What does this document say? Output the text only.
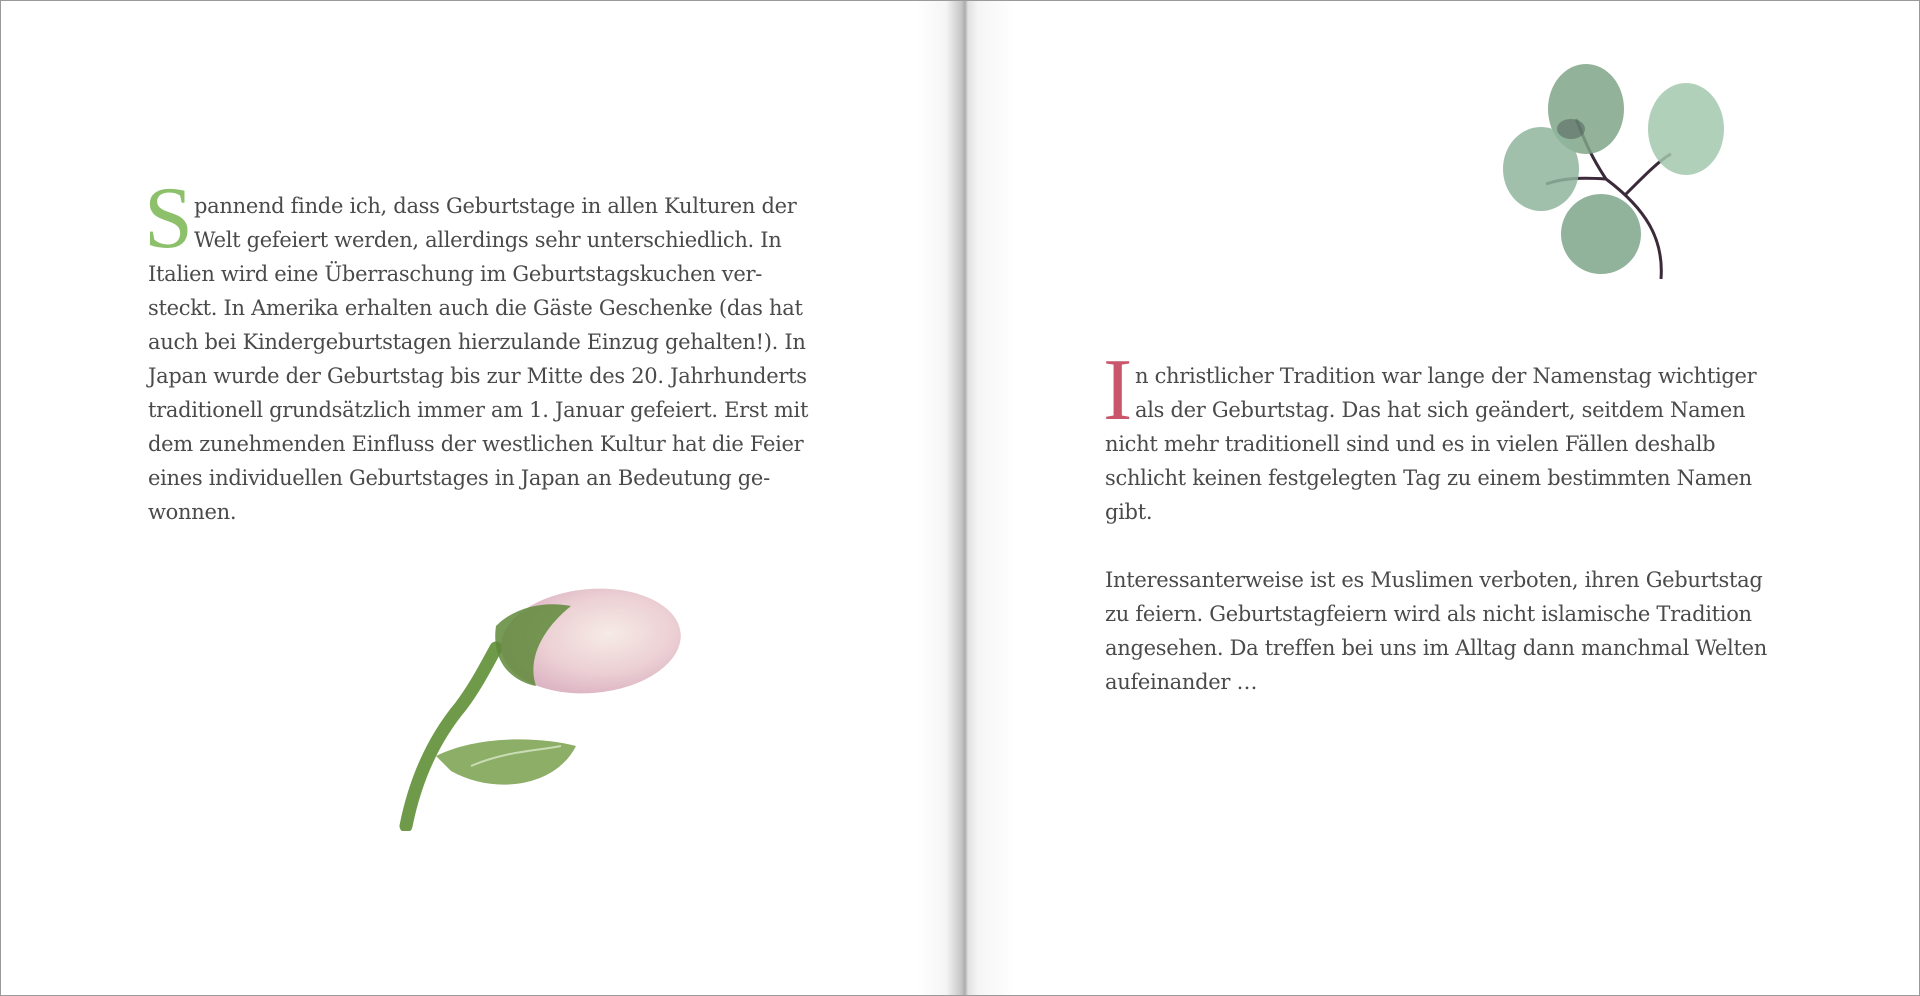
S pannend finde ich, dass Geburtstage in allen Kulturen der
Welt gefeiert werden, allerdings sehr unterschiedlich. In
Italien wird eine Überraschung im Geburtstagskuchen ver-
steckt. In Amerika erhalten auch die Gäste Geschenke (das hat
auch bei Kindergeburtstagen hierzulande Einzug gehalten!). In
Japan wurde der Geburtstag bis zur Mitte des 20. Jahrhunderts
traditionell grundsätzlich immer am 1. Januar gefeiert. Erst mit
dem zunehmenden Einfluss der westlichen Kultur hat die Feier
eines individuellen Geburtstages in Japan an Bedeutung ge-
wonnen.
I n christlicher Tradition war lange der Namenstag wichtiger
als der Geburtstag. Das hat sich geändert, seitdem Namen
nicht mehr traditionell sind und es in vielen Fällen deshalb
schlicht keinen festgelegten Tag zu einem bestimmten Namen
gibt.
Interessanterweise ist es Muslimen verboten, ihren Geburtstag
zu feiern. Geburtstagfeiern wird als nicht islamische Tradition
angesehen. Da treffen bei uns im Alltag dann manchmal Welten
aufeinander …
